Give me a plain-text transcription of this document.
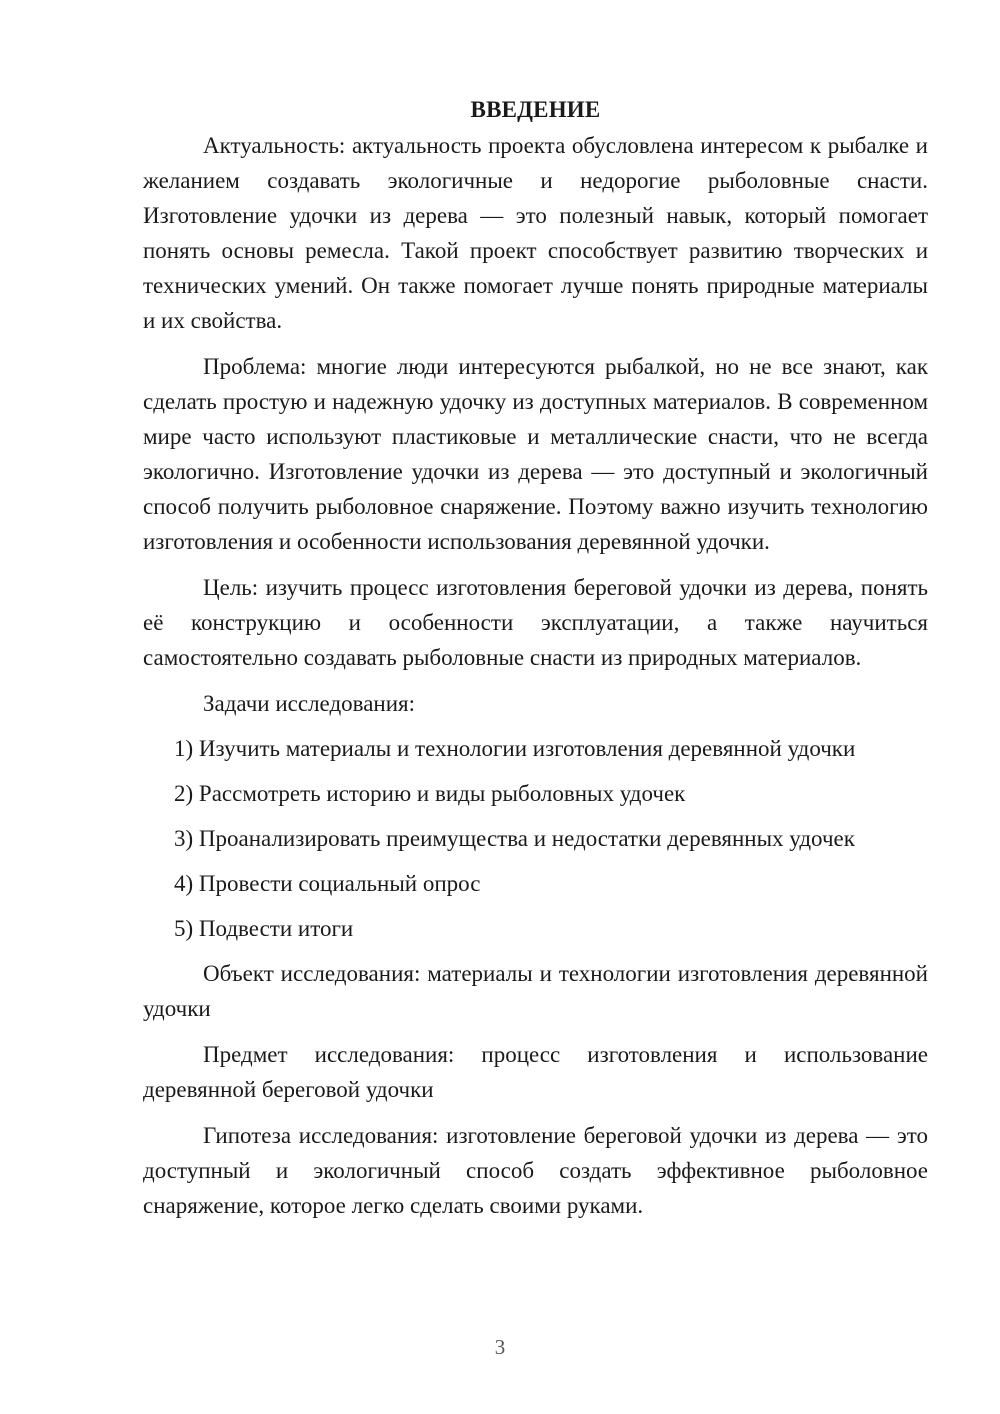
ВВЕДЕНИЕ

Актуальность: актуальность проекта обусловлена интересом к рыбалке и желанием создавать экологичные и недорогие рыболовные снасти. Изготовление удочки из дерева — это полезный навык, который помогает понять основы ремесла. Такой проект способствует развитию творческих и технических умений. Он также помогает лучше понять природные материалы и их свойства.

Проблема: многие люди интересуются рыбалкой, но не все знают, как сделать простую и надежную удочку из доступных материалов. В современном мире часто используют пластиковые и металлические снасти, что не всегда экологично. Изготовление удочки из дерева — это доступный и экологичный способ получить рыболовное снаряжение. Поэтому важно изучить технологию изготовления и особенности использования деревянной удочки.

Цель: изучить процесс изготовления береговой удочки из дерева, понять её конструкцию и особенности эксплуатации, а также научиться самостоятельно создавать рыболовные снасти из природных материалов.

Задачи исследования:

1) Изучить материалы и технологии изготовления деревянной удочки
2) Рассмотреть историю и виды рыболовных удочек
3) Проанализировать преимущества и недостатки деревянных удочек
4) Провести социальный опрос
5) Подвести итоги

Объект исследования: материалы и технологии изготовления деревянной удочки

Предмет исследования: процесс изготовления и использование деревянной береговой удочки

Гипотеза исследования: изготовление береговой удочки из дерева — это доступный и экологичный способ создать эффективное рыболовное снаряжение, которое легко сделать своими руками.

3
